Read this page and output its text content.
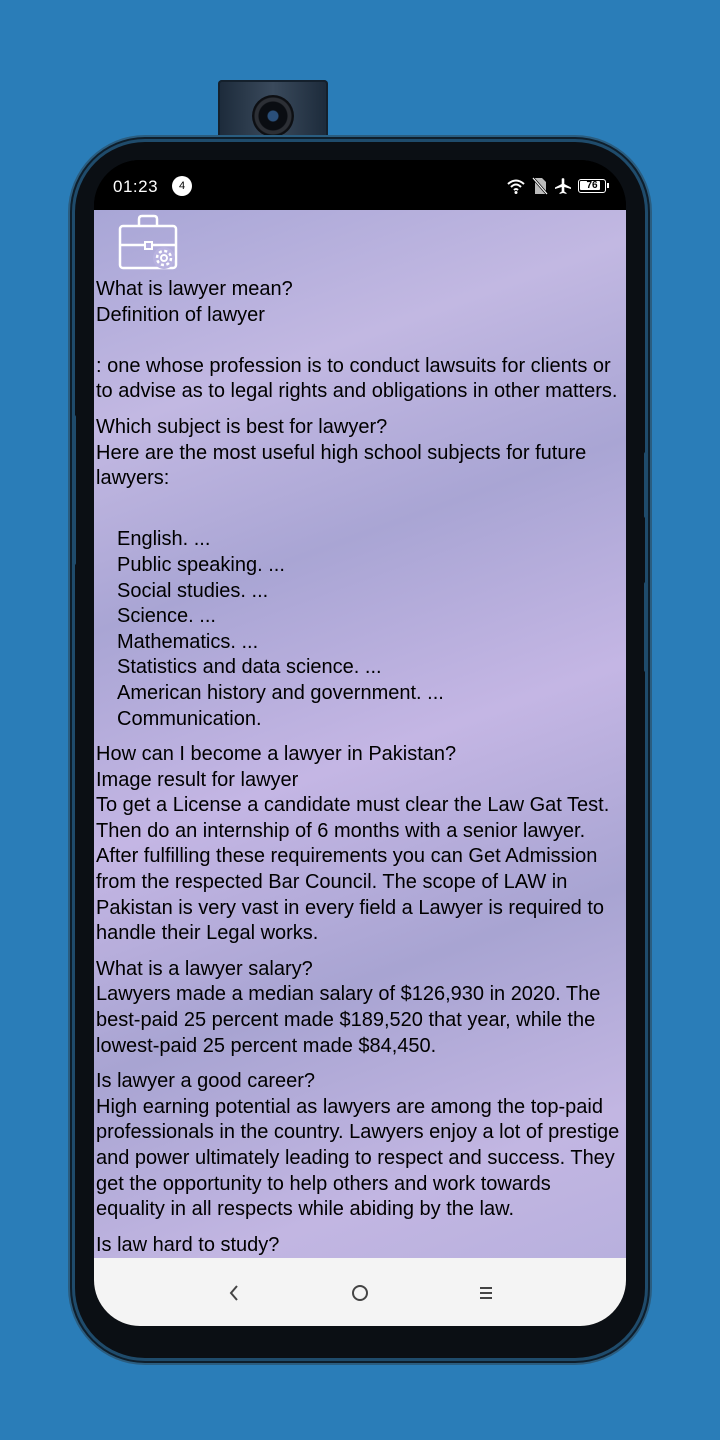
01:23	4	76
What is lawyer mean?
Definition of lawyer
: one whose profession is to conduct lawsuits for clients or to advise as to legal rights and obligations in other matters.
Which subject is best for lawyer?
Here are the most useful high school subjects for future lawyers:
English. ...
Public speaking. ...
Social studies. ...
Science. ...
Mathematics. ...
Statistics and data science. ...
American history and government. ...
Communication.
How can I become a lawyer in Pakistan?
Image result for lawyer
To get a License a candidate must clear the Law Gat Test. Then do an internship of 6 months with a senior lawyer. After fulfilling these requirements you can Get Admission from the respected Bar Council. The scope of LAW in Pakistan is very vast in every field a Lawyer is required to handle their Legal works.
What is a lawyer salary?
Lawyers made a median salary of $126,930 in 2020. The best-paid 25 percent made $189,520 that year, while the lowest-paid 25 percent made $84,450.
Is lawyer a good career?
High earning potential as lawyers are among the top-paid professionals in the country. Lawyers enjoy a lot of prestige and power ultimately leading to respect and success. They get the opportunity to help others and work towards equality in all respects while abiding by the law.
Is law hard to study?
